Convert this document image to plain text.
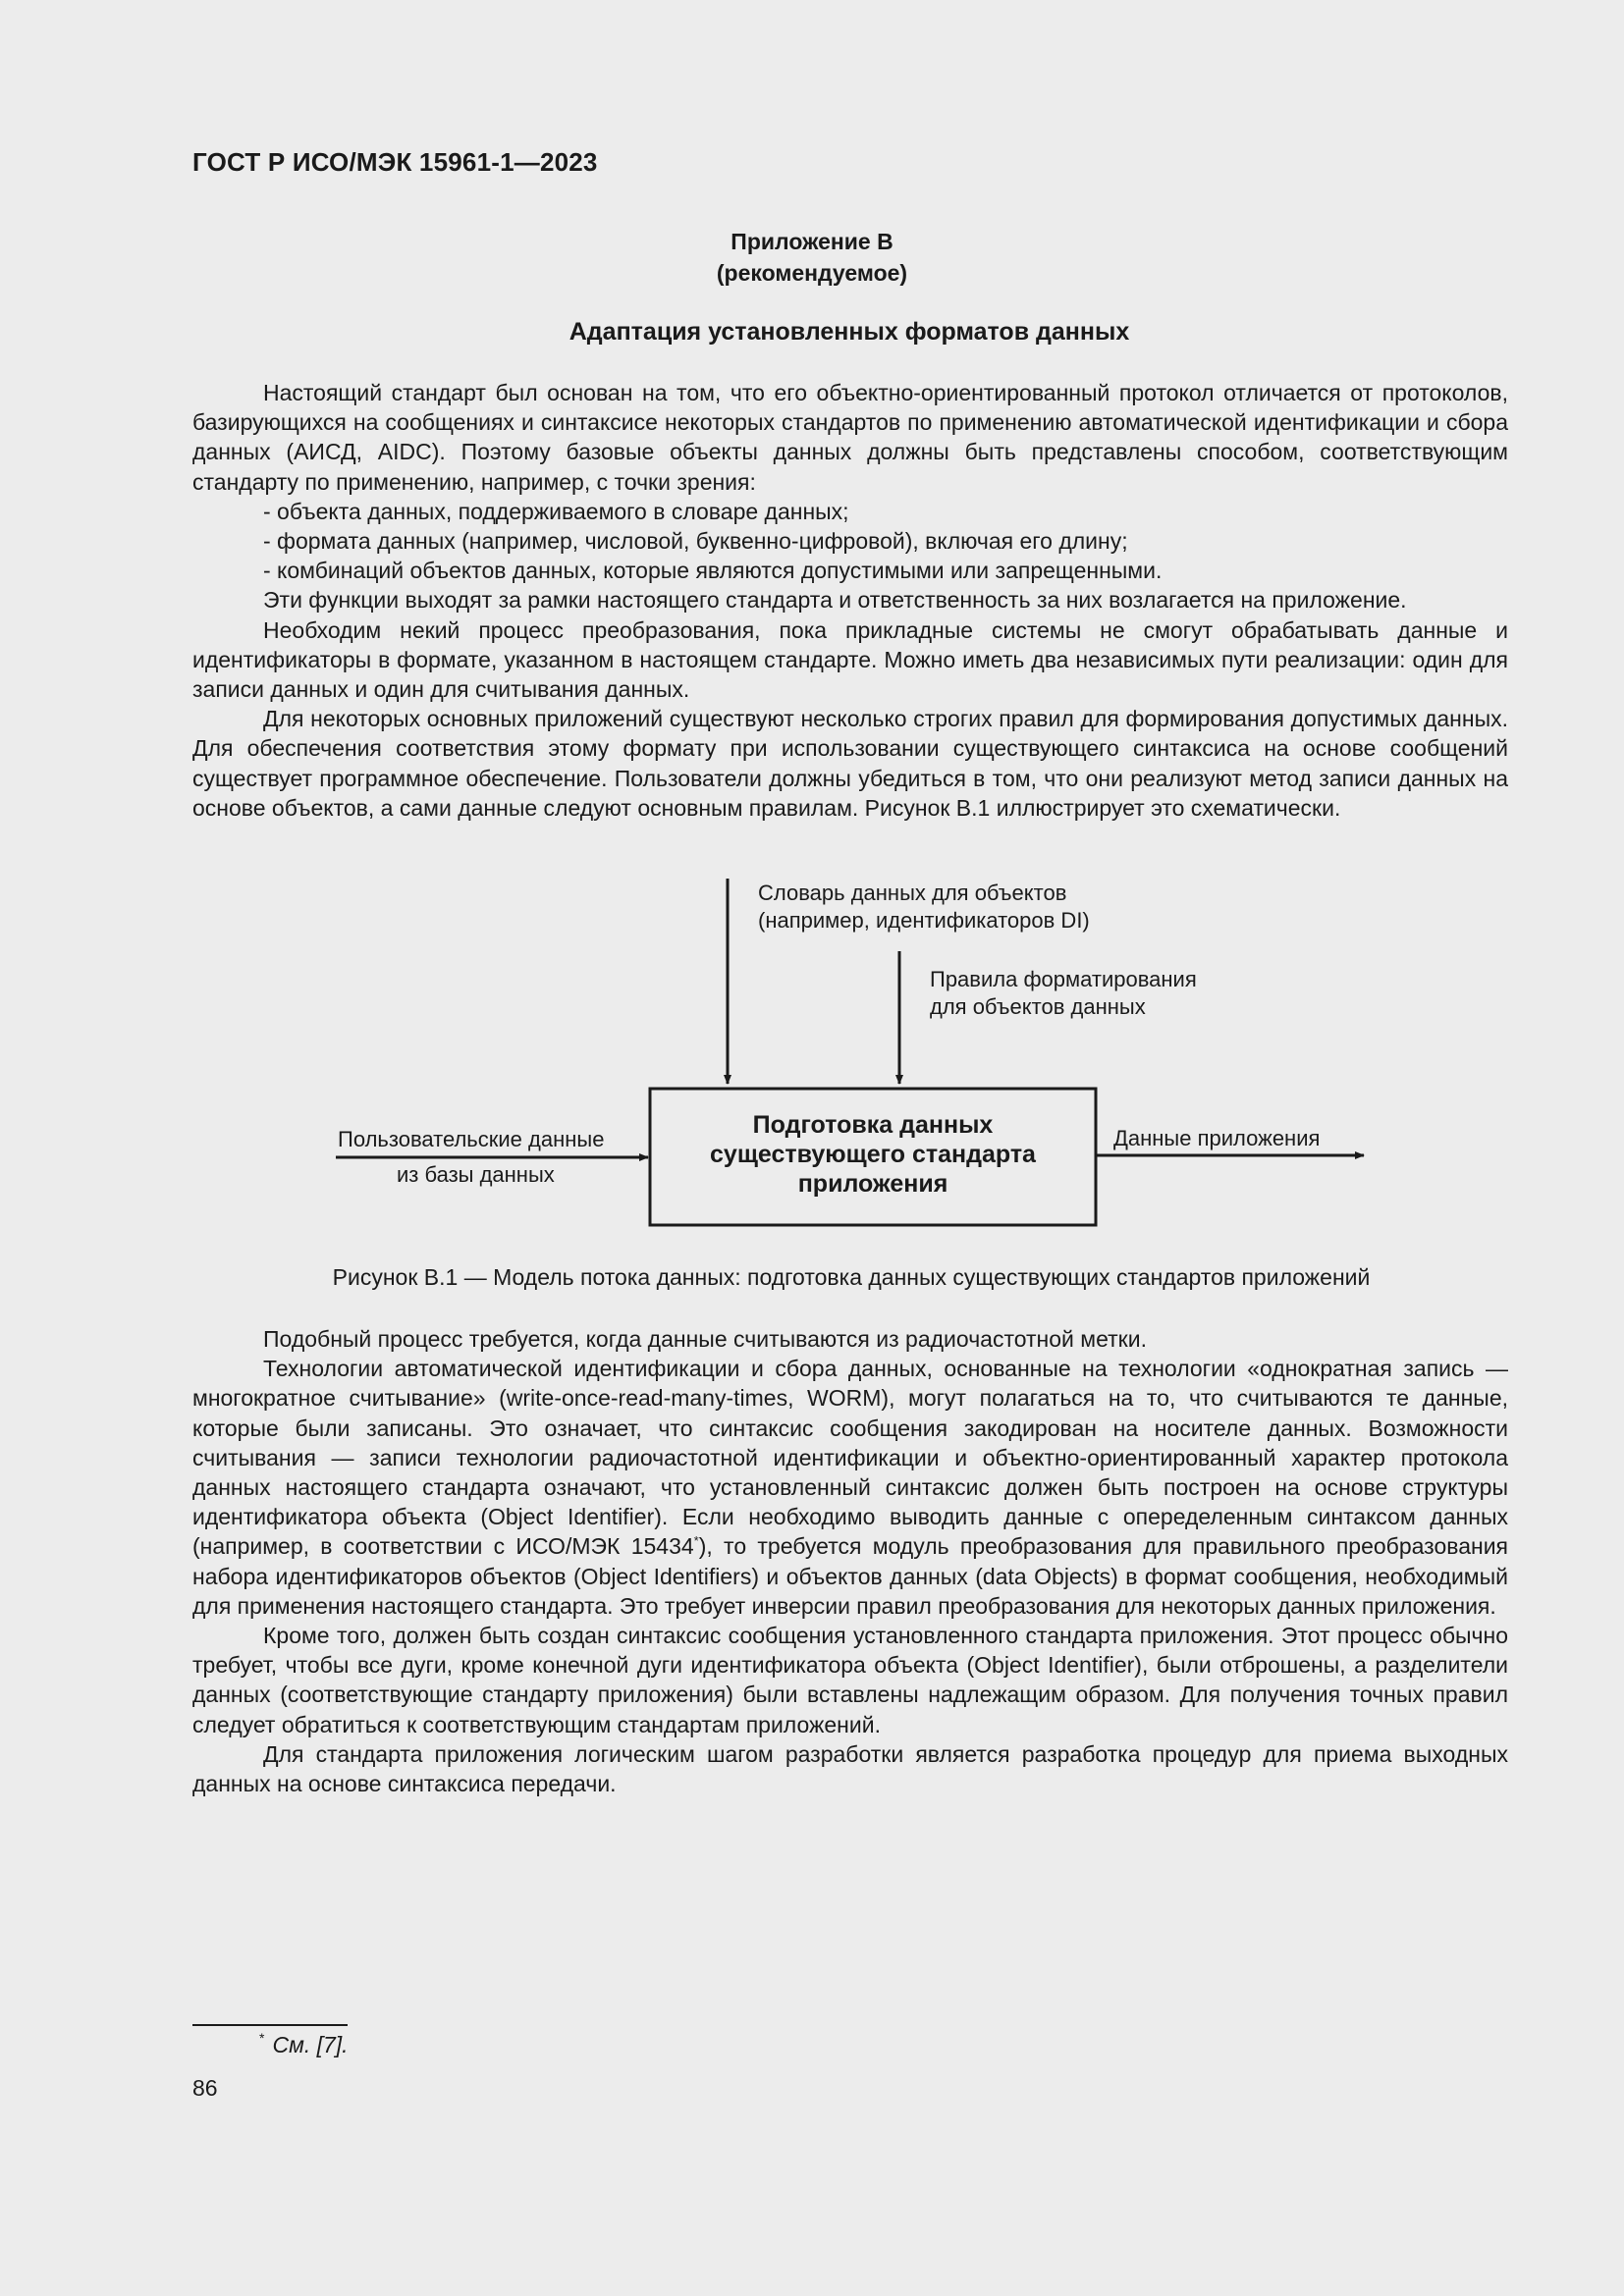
ГОСТ Р ИСО/МЭК 15961-1—2023
Приложение В
(рекомендуемое)
Адаптация установленных форматов данных

Настоящий стандарт был основан на том, что его объектно-ориентированный протокол отличается от протоколов, базирующихся на сообщениях и синтаксисе некоторых стандартов по применению автоматической идентификации и сбора данных (АИСД, AIDC). Поэтому базовые объекты данных должны быть представлены способом, соответствующим стандарту по применению, например, с точки зрения:

- объекта данных, поддерживаемого в словаре данных;

- формата данных (например, числовой, буквенно-цифровой), включая его длину;

- комбинаций объектов данных, которые являются допустимыми или запрещенными.

Эти функции выходят за рамки настоящего стандарта и ответственность за них возлагается на приложение.

Необходим некий процесс преобразования, пока прикладные системы не смогут обрабатывать данные и идентификаторы в формате, указанном в настоящем стандарте. Можно иметь два независимых пути реализации: один для записи данных и один для считывания данных.

Для некоторых основных приложений существуют несколько строгих правил для формирования допустимых данных. Для обеспечения соответствия этому формату при использовании существующего синтаксиса на основе сообщений существует программное обеспечение. Пользователи должны убедиться в том, что они реализуют метод записи данных на основе объектов, а сами данные следуют основным правилам. Рисунок В.1 иллюстрирует это схематически.

Словарь данных для объектов
(например, идентификаторов DI)
Правила форматирования
для объектов данных
Пользовательские данные
из базы данных
Данные приложения
Подготовка данных
существующего стандарта
приложения
Рисунок В.1 — Модель потока данных: подготовка данных существующих стандартов приложений

Подобный процесс требуется, когда данные считываются из радиочастотной метки.

Технологии автоматической идентификации и сбора данных, основанные на технологии «однократная запись — многократное считывание» (write-once-read-many-times, WORM), могут полагаться на то, что считываются те данные, которые были записаны. Это означает, что синтаксис сообщения закодирован на носителе данных. Возможности считывания — записи технологии радиочастотной идентификации и объектно-ориентированный характер протокола данных настоящего стандарта означают, что установленный синтаксис должен быть построен на основе структуры идентификатора объекта (Object Identifier). Если необходимо выводить данные с опеределенным синтаксом данных (например, в соответствии с ИСО/МЭК 15434*), то требуется модуль преобразования для правильного преобразования набора идентификаторов объектов (Object Identifiers) и объектов данных (data Objects) в формат сообщения, необходимый для применения настоящего стандарта. Это требует инверсии правил преобразования для некоторых данных приложения.

Кроме того, должен быть создан синтаксис сообщения установленного стандарта приложения. Этот процесс обычно требует, чтобы все дуги, кроме конечной дуги идентификатора объекта (Object Identifier), были отброшены, а разделители данных (соответствующие стандарту приложения) были вставлены надлежащим образом. Для получения точных правил следует обратиться к соответствующим стандартам приложений.

Для стандарта приложения логическим шагом разработки является разработка процедур для приема выходных данных на основе синтаксиса передачи.

* См. [7].
86
